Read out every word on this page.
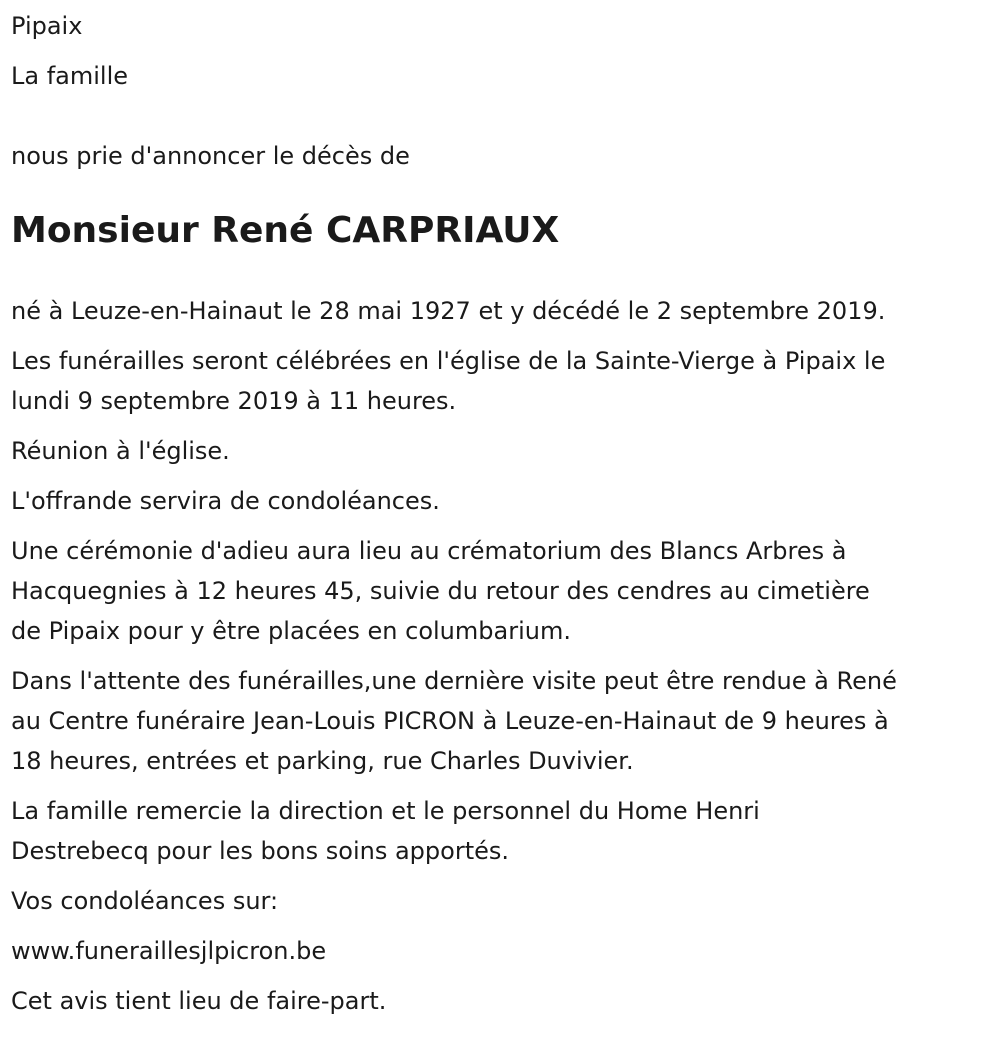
Pipaix

La famille

nous prie d'annoncer le décès de

Monsieur René CARPRIAUX

né à Leuze-en-Hainaut le 28 mai 1927 et y décédé le 2 septembre 2019.

Les funérailles seront célébrées en l'église de la Sainte-Vierge à Pipaix le
lundi 9 septembre 2019 à 11 heures.

Réunion à l'église.

L'offrande servira de condoléances.

Une cérémonie d'adieu aura lieu au crématorium des Blancs Arbres à
Hacquegnies à 12 heures 45, suivie du retour des cendres au cimetière
de Pipaix pour y être placées en columbarium.
Dans l'attente des funérailles,une dernière visite peut être rendue à René
au Centre funéraire Jean-Louis PICRON à Leuze-en-Hainaut de 9 heures à
18 heures, entrées et parking, rue Charles Duvivier.
La famille remercie la direction et le personnel du Home Henri
Destrebecq pour les bons soins apportés.

Vos condoléances sur:

www.funeraillesjlpicron.be

Cet avis tient lieu de faire-part.
